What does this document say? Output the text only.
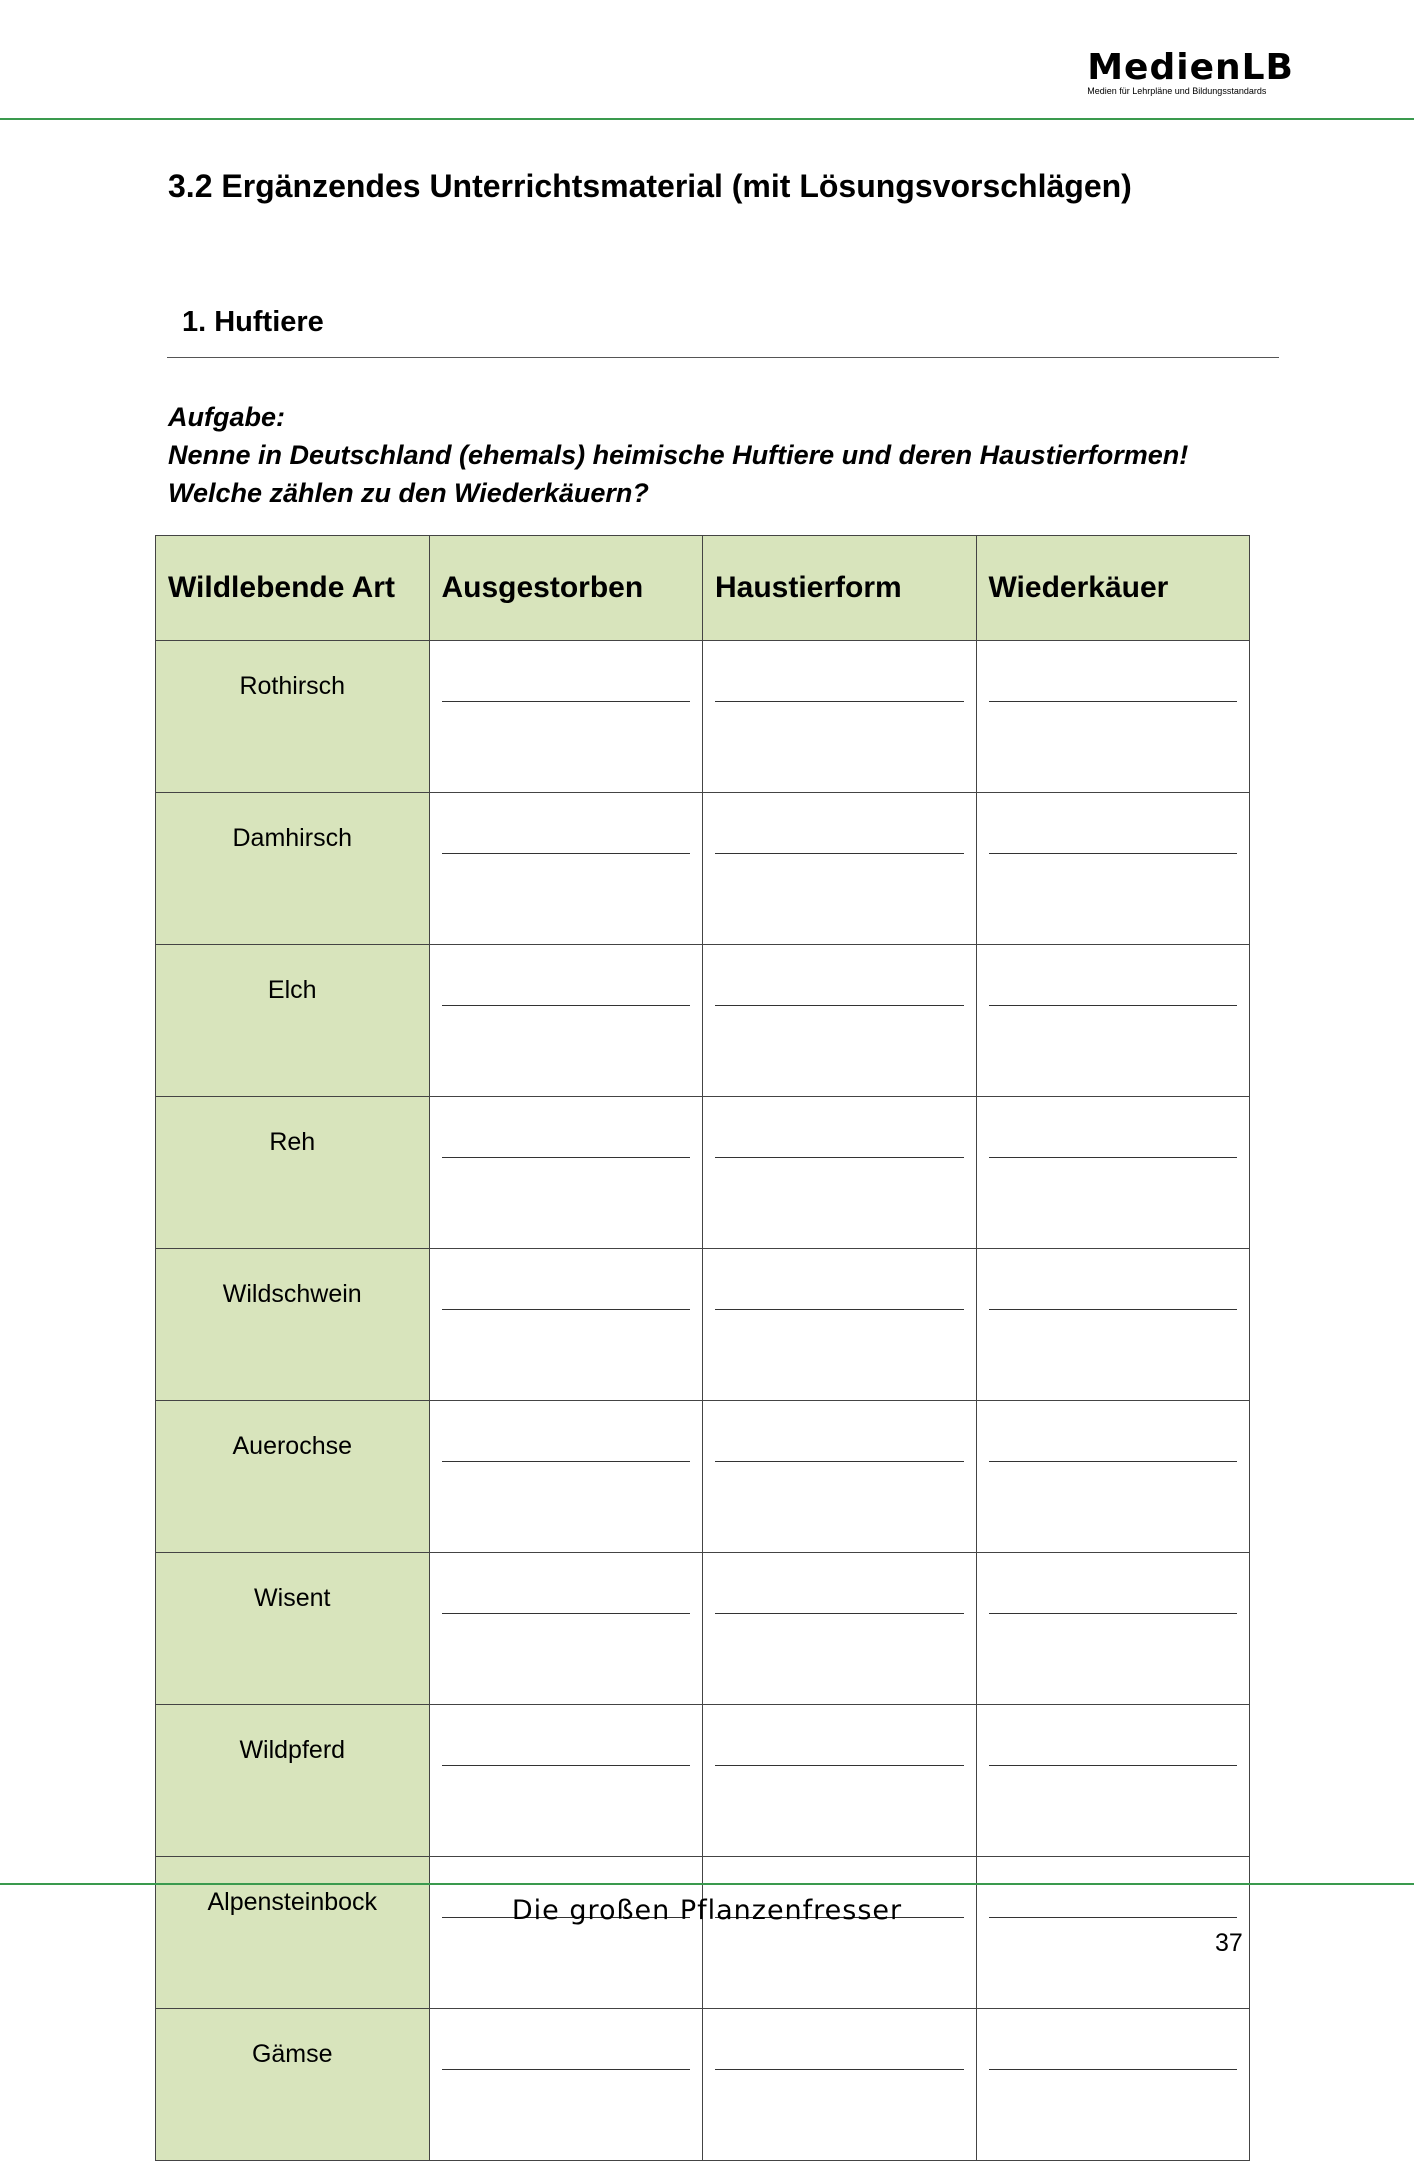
MedienLB
Medien für Lehrpläne und Bildungsstandards
3.2 Ergänzendes Unterrichtsmaterial (mit Lösungsvorschlägen)
1. Huftiere
Aufgabe:
Nenne in Deutschland (ehemals) heimische Huftiere und deren Haustierformen!
Welche zählen zu den Wiederkäuern?
Wildlebende Art	Ausgestorben	Haustierform	Wiederkäuer
Rothirsch	

Damhirsch	

Elch	

Reh	

Wildschwein	

Auerochse	

Wisent	

Wildpferd	

Alpensteinbock	

Gämse	

Die großen Pflanzenfresser
37
